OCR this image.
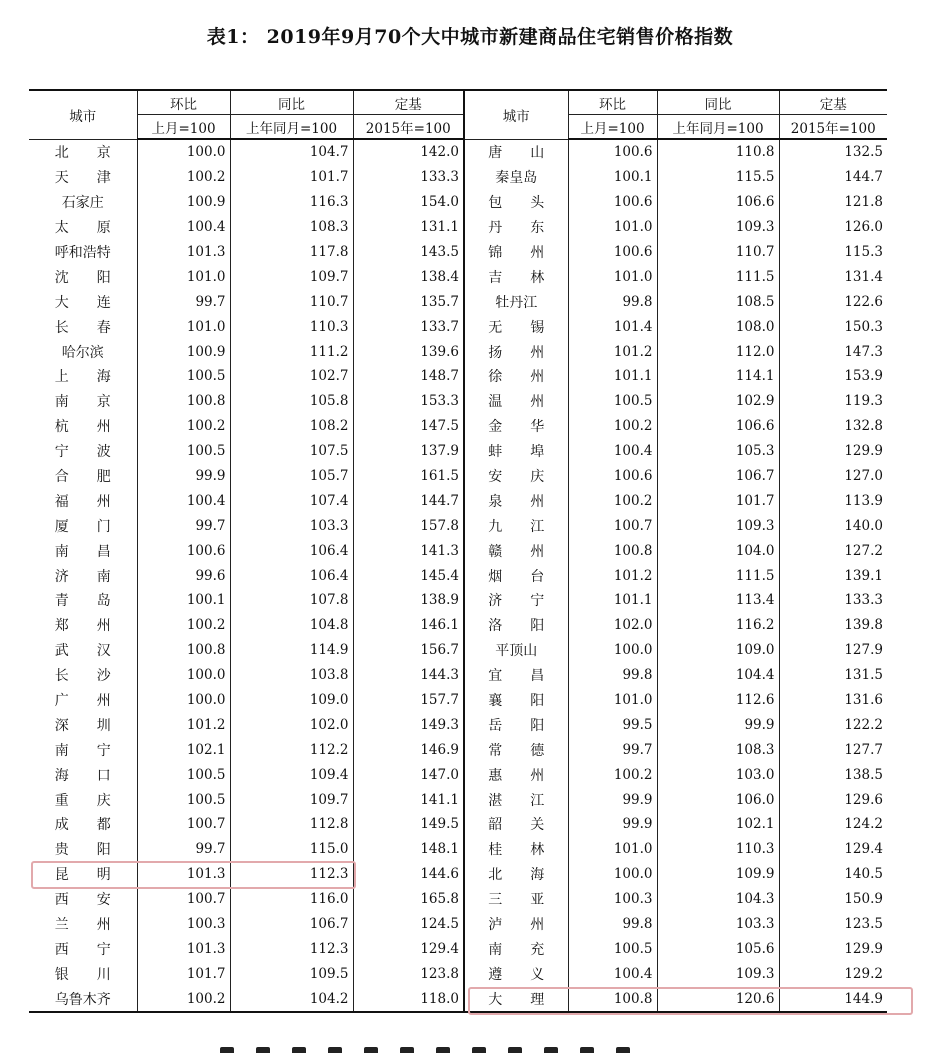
表1： 2019年9月70个大中城市新建商品住宅销售价格指数
城市	环比	同比	定基	城市	环比	同比	定基
	上月=100	上年同月=100	2015年=100		上月=100	上年同月=100	2015年=100
北　　京	100.0	104.7	142.0	唐　　山	100.6	110.8	132.5
天　　津	100.2	101.7	133.3	秦皇岛	100.1	115.5	144.7
石家庄	100.9	116.3	154.0	包　　头	100.6	106.6	121.8
太　　原	100.4	108.3	131.1	丹　　东	101.0	109.3	126.0
呼和浩特	101.3	117.8	143.5	锦　　州	100.6	110.7	115.3
沈　　阳	101.0	109.7	138.4	吉　　林	101.0	111.5	131.4
大　　连	99.7	110.7	135.7	牡丹江	99.8	108.5	122.6
长　　春	101.0	110.3	133.7	无　　锡	101.4	108.0	150.3
哈尔滨	100.9	111.2	139.6	扬　　州	101.2	112.0	147.3
上　　海	100.5	102.7	148.7	徐　　州	101.1	114.1	153.9
南　　京	100.8	105.8	153.3	温　　州	100.5	102.9	119.3
杭　　州	100.2	108.2	147.5	金　　华	100.2	106.6	132.8
宁　　波	100.5	107.5	137.9	蚌　　埠	100.4	105.3	129.9
合　　肥	99.9	105.7	161.5	安　　庆	100.6	106.7	127.0
福　　州	100.4	107.4	144.7	泉　　州	100.2	101.7	113.9
厦　　门	99.7	103.3	157.8	九　　江	100.7	109.3	140.0
南　　昌	100.6	106.4	141.3	赣　　州	100.8	104.0	127.2
济　　南	99.6	106.4	145.4	烟　　台	101.2	111.5	139.1
青　　岛	100.1	107.8	138.9	济　　宁	101.1	113.4	133.3
郑　　州	100.2	104.8	146.1	洛　　阳	102.0	116.2	139.8
武　　汉	100.8	114.9	156.7	平顶山	100.0	109.0	127.9
长　　沙	100.0	103.8	144.3	宜　　昌	99.8	104.4	131.5
广　　州	100.0	109.0	157.7	襄　　阳	101.0	112.6	131.6
深　　圳	101.2	102.0	149.3	岳　　阳	99.5	99.9	122.2
南　　宁	102.1	112.2	146.9	常　　德	99.7	108.3	127.7
海　　口	100.5	109.4	147.0	惠　　州	100.2	103.0	138.5
重　　庆	100.5	109.7	141.1	湛　　江	99.9	106.0	129.6
成　　都	100.7	112.8	149.5	韶　　关	99.9	102.1	124.2
贵　　阳	99.7	115.0	148.1	桂　　林	101.0	110.3	129.4
昆　　明	101.3	112.3	144.6	北　　海	100.0	109.9	140.5
西　　安	100.7	116.0	165.8	三　　亚	100.3	104.3	150.9
兰　　州	100.3	106.7	124.5	泸　　州	99.8	103.3	123.5
西　　宁	101.3	112.3	129.4	南　　充	100.5	105.6	129.9
银　　川	101.7	109.5	123.8	遵　　义	100.4	109.3	129.2
乌鲁木齐	100.2	104.2	118.0	大　　理	100.8	120.6	144.9
